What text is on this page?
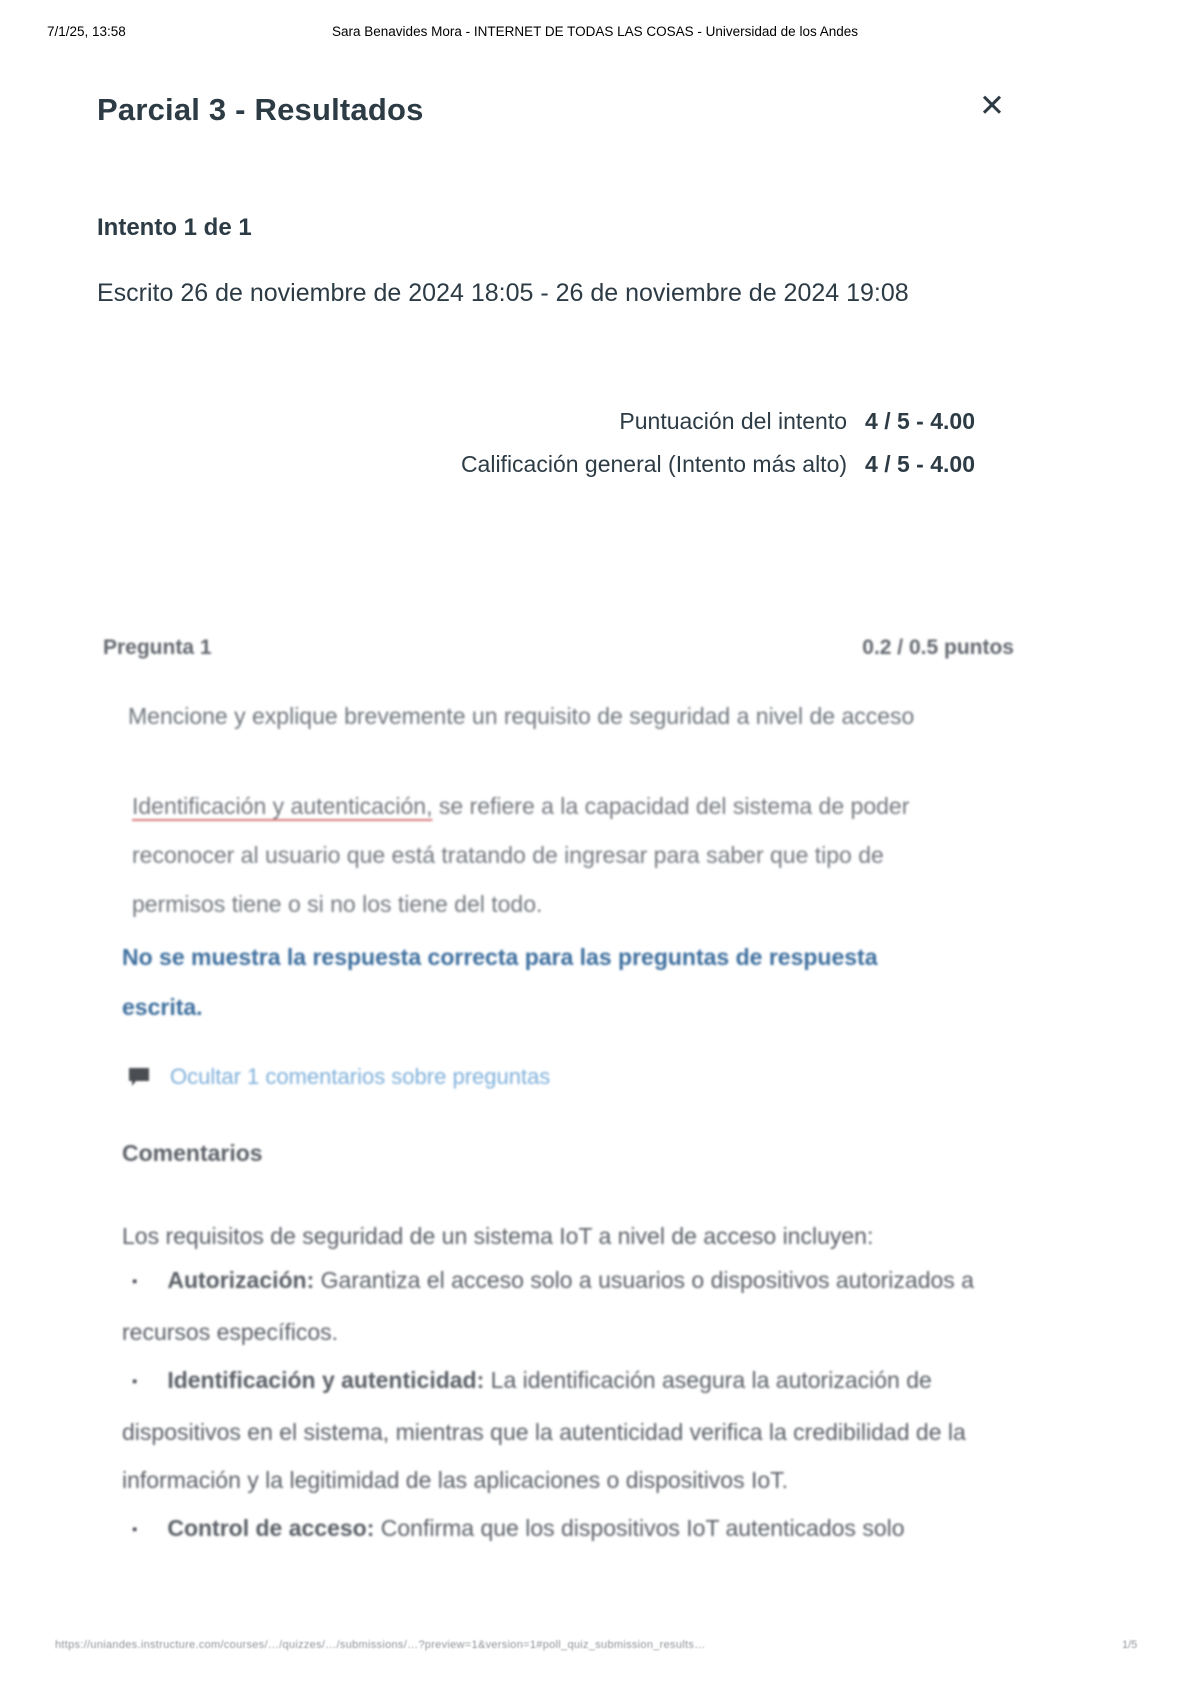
7/1/25, 13:58	Sara Benavides Mora - INTERNET DE TODAS LAS COSAS - Universidad de los Andes
Parcial 3 - Resultados	✕
Intento 1 de 1

Escrito 26 de noviembre de 2024 18:05 - 26 de noviembre de 2024 19:08

Puntuación del intento 4 / 5 - 4.00
Calificación general (Intento más alto) 4 / 5 - 4.00
Pregunta 1	0.2 / 0.5 puntos

Mencione y explique brevemente un requisito de seguridad a nivel de acceso

Identificación y autenticación, se refiere a la capacidad del sistema de poder reconocer al usuario que está tratando de ingresar para saber que tipo de permisos tiene o si no los tiene del todo.

No se muestra la respuesta correcta para las preguntas de respuesta escrita.

Ocultar 1 comentarios sobre preguntas
Comentarios

Los requisitos de seguridad de un sistema IoT a nivel de acceso incluyen:

▪ Autorización: Garantiza el acceso solo a usuarios o dispositivos autorizados a recursos específicos.
▪ Identificación y autenticidad: La identificación asegura la autorización de dispositivos en el sistema, mientras que la autenticidad verifica la credibilidad de la información y la legitimidad de las aplicaciones o dispositivos IoT.
▪ Control de acceso: Confirma que los dispositivos IoT autenticados solo
https://uniandes.instructure.com/courses/…/quizzes/…/submissions/…?preview=1&version=1#poll_quiz_submission_results…	1/5
